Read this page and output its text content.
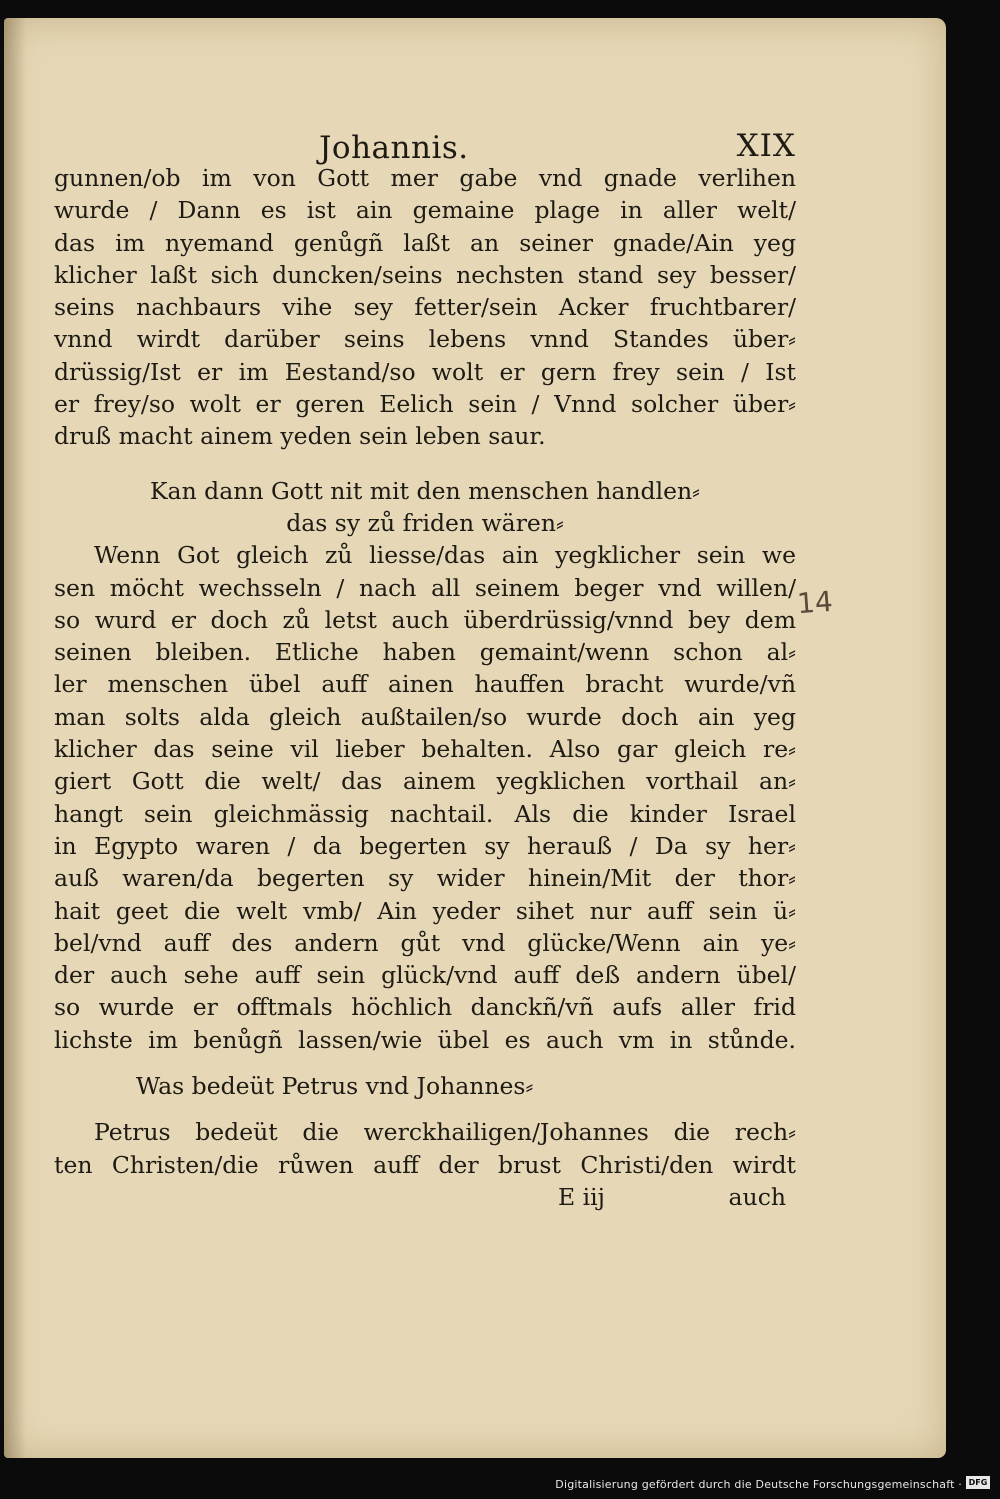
Johannis.	XIX
gunnen/ob im von Gott mer gabe vnd gnade verlihen
wurde / Dann es ist ain gemaine plage in aller welt/
das im nyemand genůgñ laßt an seiner gnade/Ain yeg
klicher laßt sich duncken/seins nechsten stand sey besser/
seins nachbaurs vihe sey fetter/sein Acker fruchtbarer/
vnnd wirdt darüber seins lebens vnnd Standes über⸗
drüssig/Ist er im Eestand/so wolt er gern frey sein / Ist
er frey/so wolt er geren Eelich sein / Vnnd solcher über⸗
druß macht ainem yeden sein leben saur.
Kan dann Gott nit mit den menschen handlen⸗
das sy zů friden wären⸗
Wenn Got gleich zů liesse/das ain yegklicher sein we
sen möcht wechsseln / nach all seinem beger vnd willen/
so wurd er doch zů letst auch überdrüssig/vnnd bey dem
seinen bleiben. Etliche haben gemaint/wenn schon al⸗
ler menschen übel auff ainen hauffen bracht wurde/vñ
man solts alda gleich außtailen/so wurde doch ain yeg
klicher das seine vil lieber behalten. Also gar gleich re⸗
giert Gott die welt/ das ainem yegklichen vorthail an⸗
hangt sein gleichmässig nachtail. Als die kinder Israel
in Egypto waren / da begerten sy herauß / Da sy her⸗
auß waren/da begerten sy wider hinein/Mit der thor⸗
hait geet die welt vmb/ Ain yeder sihet nur auff sein ü⸗
bel/vnd auff des andern gůt vnd glücke/Wenn ain ye⸗
der auch sehe auff sein glück/vnd auff deß andern übel/
so wurde er offtmals höchlich danckñ/vñ aufs aller frid
lichste im benůgñ lassen/wie übel es auch vm in stůnde.
Was bedeüt Petrus vnd Johannes⸗
Petrus bedeüt die werckhailigen/Johannes die rech⸗
ten Christen/die růwen auff der brust Christi/den wirdt
E iij	auch
14
Digitalisierung gefördert durch die Deutsche Forschungsgemeinschaft · DFG
